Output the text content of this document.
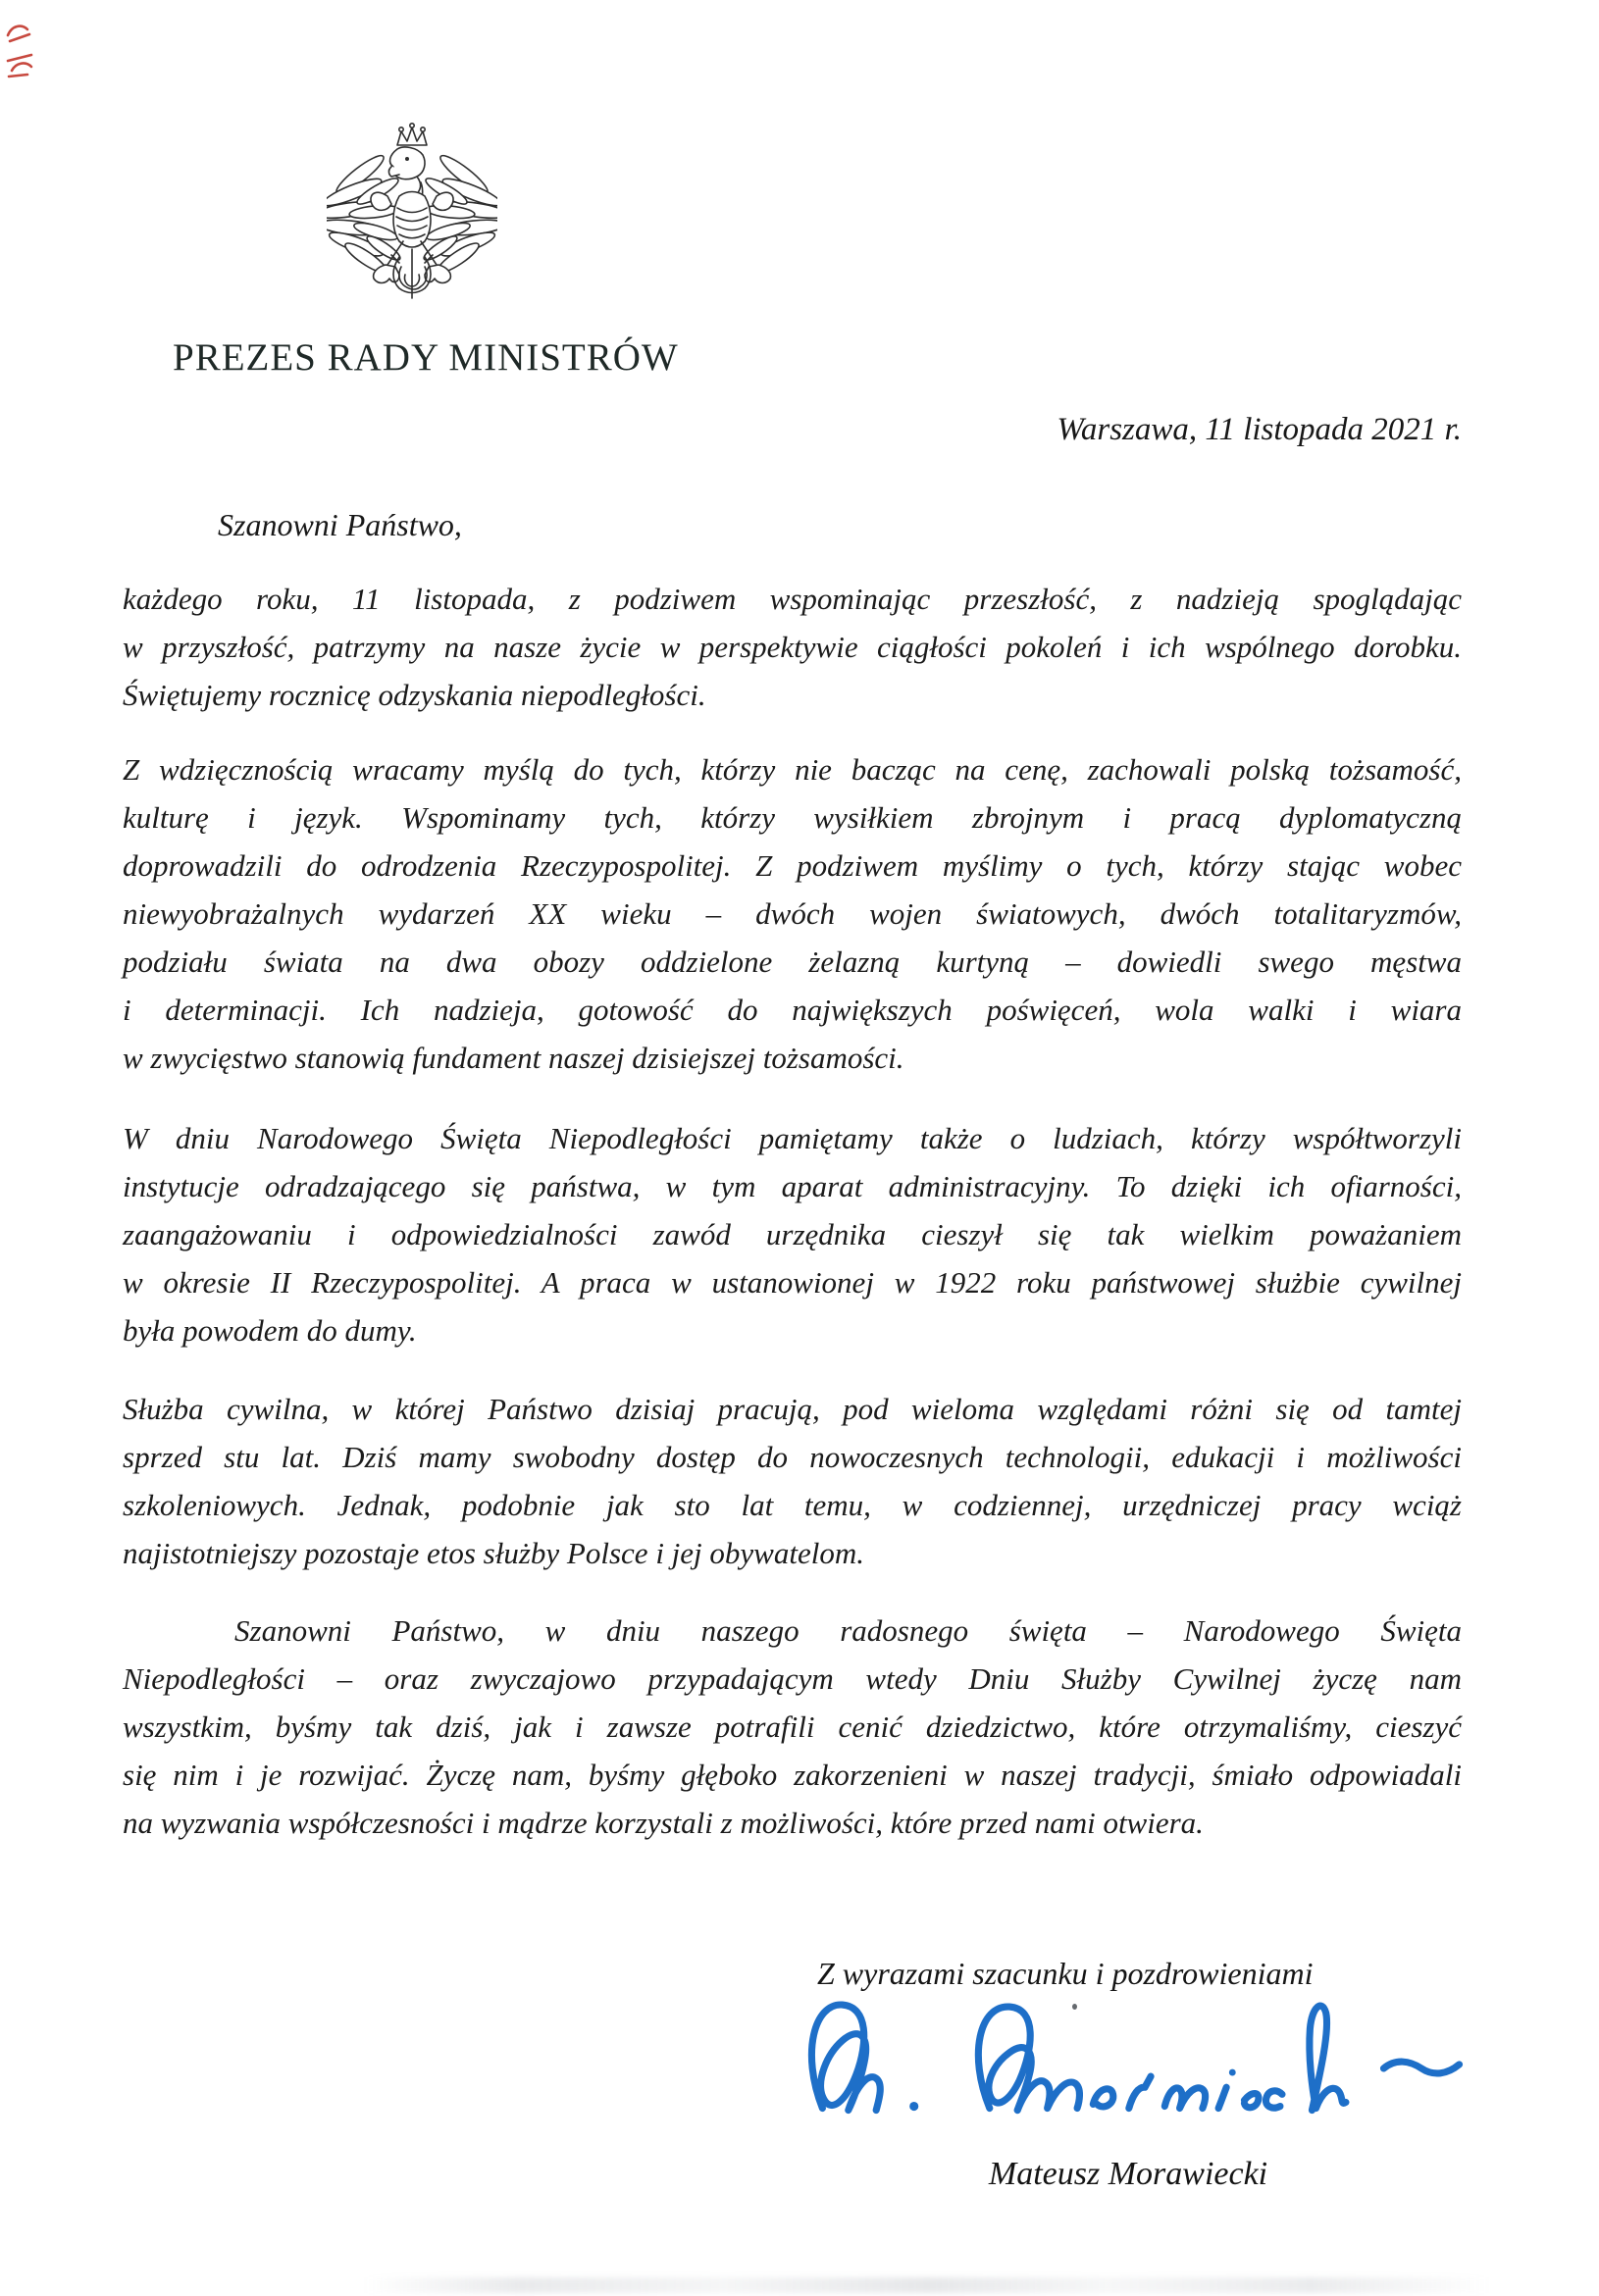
PREZES RADY MINISTRÓW
Warszawa, 11 listopada 2021 r.
Szanowni Państwo,
każdego roku, 11 listopada, z podziwem wspominając przeszłość, z nadzieją spoglądając
w przyszłość, patrzymy na nasze życie w perspektywie ciągłości pokoleń i ich wspólnego dorobku.
Świętujemy rocznicę odzyskania niepodległości.
Z wdzięcznością wracamy myślą do tych, którzy nie bacząc na cenę, zachowali polską tożsamość,
kulturę i język. Wspominamy tych, którzy wysiłkiem zbrojnym i pracą dyplomatyczną
doprowadzili do odrodzenia Rzeczypospolitej. Z podziwem myślimy o tych, którzy stając wobec
niewyobrażalnych wydarzeń XX wieku – dwóch wojen światowych, dwóch totalitaryzmów,
podziału świata na dwa obozy oddzielone żelazną kurtyną – dowiedli swego męstwa
i determinacji. Ich nadzieja, gotowość do największych poświęceń, wola walki i wiara
w zwycięstwo stanowią fundament naszej dzisiejszej tożsamości.
W dniu Narodowego Święta Niepodległości pamiętamy także o ludziach, którzy współtworzyli
instytucje odradzającego się państwa, w tym aparat administracyjny. To dzięki ich ofiarności,
zaangażowaniu i odpowiedzialności zawód urzędnika cieszył się tak wielkim poważaniem
w okresie II Rzeczypospolitej. A praca w ustanowionej w 1922 roku państwowej służbie cywilnej
była powodem do dumy.
Służba cywilna, w której Państwo dzisiaj pracują, pod wieloma względami różni się od tamtej
sprzed stu lat. Dziś mamy swobodny dostęp do nowoczesnych technologii, edukacji i możliwości
szkoleniowych. Jednak, podobnie jak sto lat temu, w codziennej, urzędniczej pracy wciąż
najistotniejszy pozostaje etos służby Polsce i jej obywatelom.
Szanowni Państwo, w dniu naszego radosnego święta – Narodowego Święta
Niepodległości – oraz zwyczajowo przypadającym wtedy Dniu Służby Cywilnej życzę nam
wszystkim, byśmy tak dziś, jak i zawsze potrafili cenić dziedzictwo, które otrzymaliśmy, cieszyć
się nim i je rozwijać. Życzę nam, byśmy głęboko zakorzenieni w naszej tradycji, śmiało odpowiadali
na wyzwania współczesności i mądrze korzystali z możliwości, które przed nami otwiera.
Z wyrazami szacunku i pozdrowieniami
Mateusz Morawiecki
